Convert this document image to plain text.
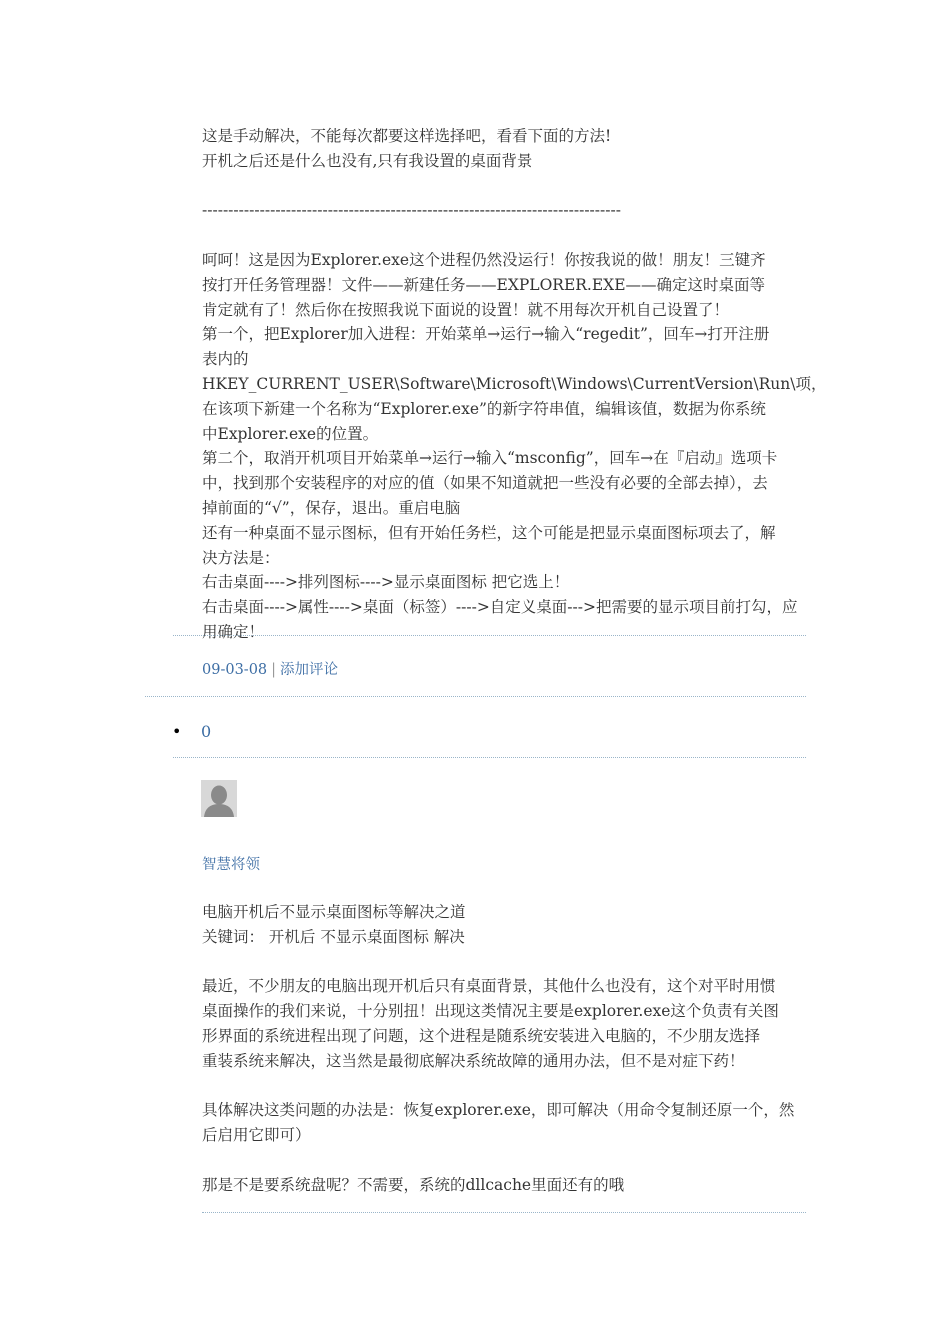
这是手动解决，不能每次都要这样选择吧，看看下面的方法!

开机之后还是什么也没有,只有我设置的桌面背景

--------------------------------------------------------------------------------

呵呵！这是因为Explorer.exe这个进程仍然没运行！你按我说的做！朋友！三键齐

按打开任务管理器！文件——新建任务——EXPLORER.EXE——确定这时桌面等

肯定就有了！然后你在按照我说下面说的设置！就不用每次开机自己设置了！

第一个，把Explorer加入进程：开始菜单→运行→输入“regedit”，回车→打开注册

表内的HKEY_CURRENT_USER\Software\Microsoft\Windows\CurrentVersion\Run\项，

在该项下新建一个名称为“Explorer.exe”的新字符串值，编辑该值，数据为你系统

中Explorer.exe的位置。

第二个，取消开机项目开始菜单→运行→输入“msconfig”，回车→在『启动』选项卡

中，找到那个安装程序的对应的值（如果不知道就把一些没有必要的全部去掉），去

掉前面的“√”，保存，退出。重启电脑

还有一种桌面不显示图标，但有开始任务栏，这个可能是把显示桌面图标项去了，解

决方法是：

右击桌面---->排列图标---->显示桌面图标 把它选上！

右击桌面---->属性---->桌面（标签）---->自定义桌面--->把需要的显示项目前打勾，应

用确定！

09-03-08 | 添加评论
• 0
智慧将领

电脑开机后不显示桌面图标等解决之道

关键词： 开机后 不显示桌面图标 解决

最近，不少朋友的电脑出现开机后只有桌面背景，其他什么也没有，这个对平时用惯

桌面操作的我们来说，十分别扭！出现这类情况主要是explorer.exe这个负责有关图

形界面的系统进程出现了问题，这个进程是随系统安装进入电脑的，不少朋友选择

重装系统来解决，这当然是最彻底解决系统故障的通用办法，但不是对症下药！

具体解决这类问题的办法是：恢复explorer.exe，即可解决（用命令复制还原一个，然

后启用它即可）

那是不是要系统盘呢？不需要，系统的dllcache里面还有的哦
